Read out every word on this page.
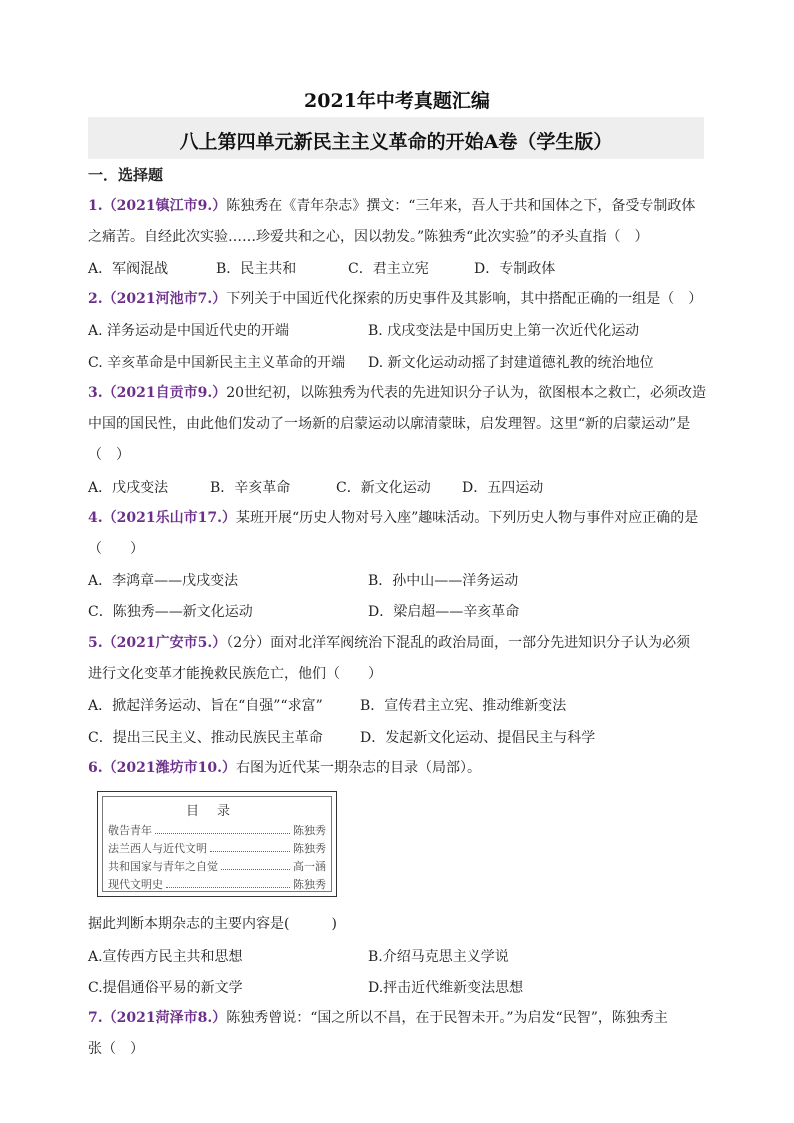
2021年中考真题汇编
八上第四单元新民主主义革命的开始A卷（学生版）
一．选择题
1.（2021镇江市9.）陈独秀在《青年杂志》撰文：“三年来，吾人于共和国体之下，备受专制政体
之痛苦。自经此次实验……珍爱共和之心，因以勃发。”陈独秀“此次实验”的矛头直指（　）
A．军阀混战	B．民主共和	C．君主立宪	D．专制政体
2.（2021河池市7.）下列关于中国近代化探索的历史事件及其影响，其中搭配正确的一组是（　）
A. 洋务运动是中国近代史的开端	B. 戊戌变法是中国历史上第一次近代化运动
C. 辛亥革命是中国新民主主义革命的开端 D. 新文化运动动摇了封建道德礼教的统治地位
3.（2021自贡市9.）20世纪初，以陈独秀为代表的先进知识分子认为，欲图根本之救亡，必须改造
中国的国民性，由此他们发动了一场新的启蒙运动以廓清蒙昧，启发理智。这里“新的启蒙运动”是
（　）
A．戊戌变法	B．辛亥革命	C．新文化运动 D．五四运动
4.（2021乐山市17.）某班开展“历史人物对号入座”趣味活动。下列历史人物与事件对应正确的是
（　　）
A．李鸿章——戊戌变法	B．孙中山——洋务运动
C．陈独秀——新文化运动	D．梁启超——辛亥革命
5.（2021广安市5.）（2分）面对北洋军阀统治下混乱的政治局面，一部分先进知识分子认为必须
进行文化变革才能挽救民族危亡，他们（　　）
A．掀起洋务运动、旨在“自强”“求富”	B．宣传君主立宪、推动维新变法
C．提出三民主义、推动民族民主革命	D．发起新文化运动、提倡民主与科学
6.（2021潍坊市10.）右图为近代某一期杂志的目录（局部）。
目录
敬告青年	陈独秀
法兰西人与近代文明	陈独秀
共和国家与青年之自觉	高一涵
现代文明史	陈独秀
据此判断本期杂志的主要内容是(　　　)
A.宣传西方民主共和思想	B.介绍马克思主义学说
C.提倡通俗平易的新文学	D.抨击近代维新变法思想
7.（2021菏泽市8.）陈独秀曾说：“国之所以不昌，在于民智未开。”为启发“民智”，陈独秀主
张（　）
